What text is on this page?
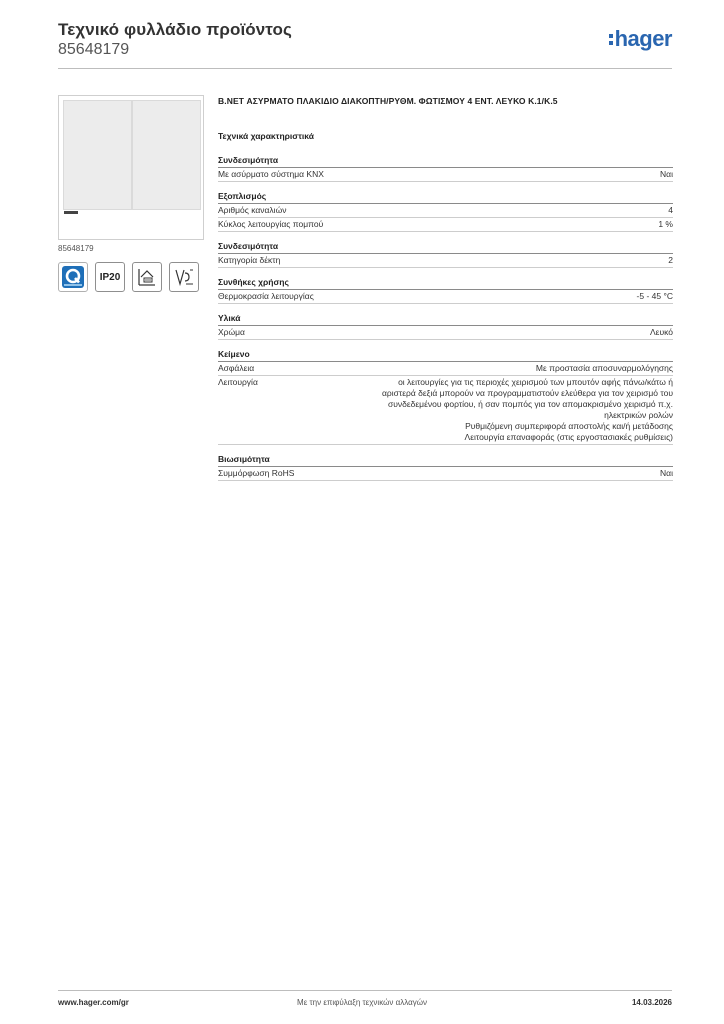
Τεχνικό φυλλάδιο προϊόντος
85648179	hager
85648179
IP20
B.NET ΑΣΥΡΜΑΤΟ ΠΛΑΚΙΔΙΟ ΔΙΑΚΟΠΤΗ/ΡΥΘΜ. ΦΩΤΙΣΜΟΥ 4 ΕΝΤ. ΛΕΥΚΟ Κ.1/Κ.5
Τεχνικά χαρακτηριστικά
Συνδεσιμότητα
Με ασύρματο σύστημα KNX	Ναι
Εξοπλισμός
Αριθμός καναλιών	4
Κύκλος λειτουργίας πομπού	1 %
Συνδεσιμότητα
Κατηγορία δέκτη	2
Συνθήκες χρήσης
Θερμοκρασία λειτουργίας	-5 - 45 °C
Υλικά
Χρώμα	Λευκό
Κείμενο
Ασφάλεια	Με προστασία αποσυναρμολόγησης
Λειτουργία	οι λειτουργίες για τις περιοχές χειρισμού των μπουτόν αφής πάνω/κάτω ή
αριστερά δεξιά μπορούν να προγραμματιστούν ελεύθερα για τον χειρισμό του
συνδεδεμένου φορτίου, ή σαν πομπός για τον απομακρισμένο χειρισμό π.χ.
ηλεκτρικών ρολών
Ρυθμιζόμενη συμπεριφορά αποστολής και/ή μετάδοσης
Λειτουργία επαναφοράς (στις εργοστασιακές ρυθμίσεις)
Βιωσιμότητα
Συμμόρφωση RoHS	Ναι
www.hager.com/gr	Με την επιφύλαξη τεχνικών αλλαγών	14.03.2026
